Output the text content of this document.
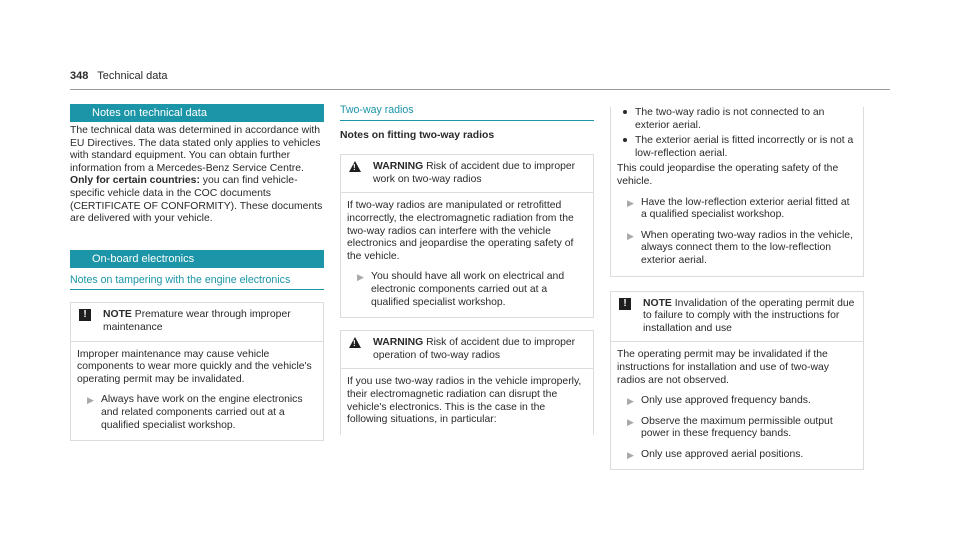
348 Technical data
Notes on technical data

The technical data was determined in accordance with EU Directives. The data stated only applies to vehicles with standard equipment. You can obtain further information from a Mercedes-Benz Service Centre.

Only for certain countries: you can find vehicle-specific vehicle data in the COC documents (CERTIFICATE OF CONFORMITY). These documents are delivered with your vehicle.

On-board electronics
Notes on tampering with the engine electronics
!	NOTE Premature wear through improper maintenance

Improper maintenance may cause vehicle components to wear more quickly and the vehicle's operating permit may be invalidated.

▶ Always have work on the engine electronics and related components carried out at a qualified specialist workshop.
Two-way radios

Notes on fitting two-way radios

!
WARNING Risk of accident due to improper work on two-way radios

If two-way radios are manipulated or retrofitted incorrectly, the electromagnetic radiation from the two-way radios can interfere with the vehicle electronics and jeopardise the operating safety of the vehicle.

▶ You should have all work on electrical and electronic components carried out at a qualified specialist workshop.
!
WARNING Risk of accident due to improper operation of two-way radios

If you use two-way radios in the vehicle improperly, their electromagnetic radiation can disrupt the vehicle's electronics. This is the case in the following situations, in particular:

The two-way radio is not connected to an exterior aerial.
The exterior aerial is fitted incorrectly or is not a low-reflection aerial.

This could jeopardise the operating safety of the vehicle.

▶ Have the low-reflection exterior aerial fitted at a qualified specialist workshop.
▶ When operating two-way radios in the vehicle, always connect them to the low-reflection exterior aerial.
!	NOTE Invalidation of the operating permit due to failure to comply with the instructions for installation and use

The operating permit may be invalidated if the instructions for installation and use of two-way radios are not observed.

▶ Only use approved frequency bands.
▶ Observe the maximum permissible output power in these frequency bands.
▶ Only use approved aerial positions.
